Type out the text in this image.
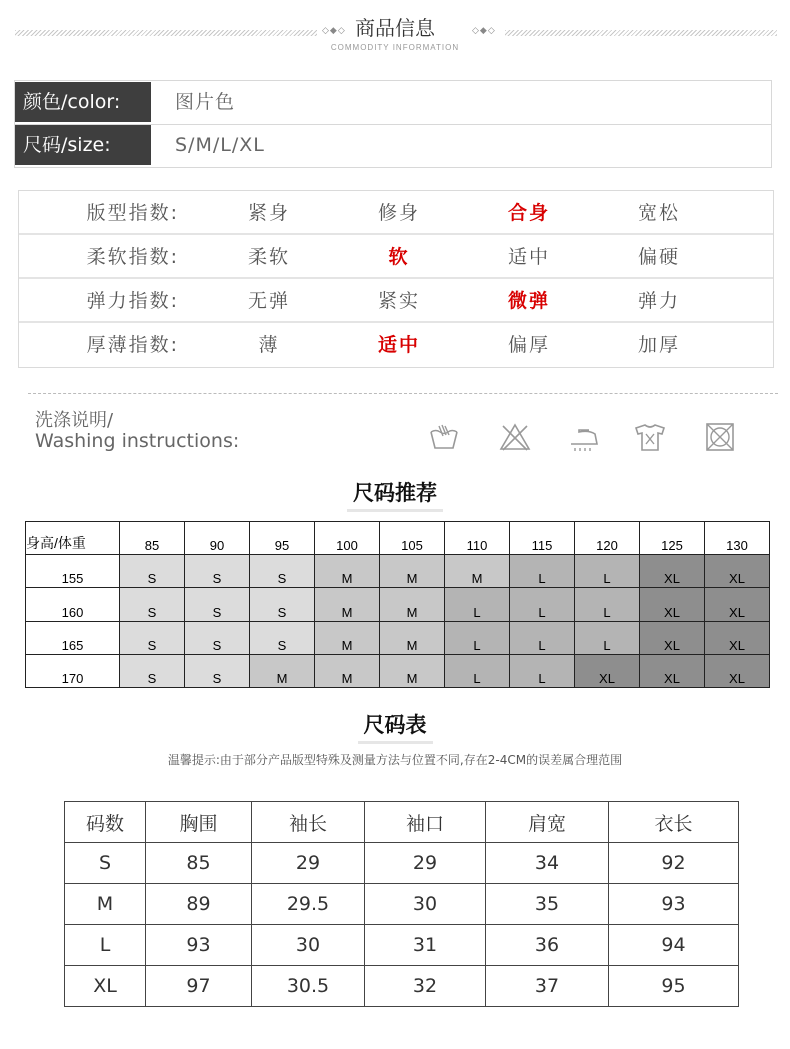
◇◆◇	◇◆◇
商品信息
COMMODITY INFORMATION
颜色/color:	图片色
尺码/size:	S/M/L/XL
版型指数:	紧身	修身	合身	宽松
柔软指数:	柔软	软	适中	偏硬
弹力指数:	无弹	紧实	微弹	弹力
厚薄指数:	薄	适中	偏厚	加厚
洗涤说明/
Washing instructions:
尺码推荐
身高/体重	85	90	95	100	105	110	115	120	125	130

155	S	S	S	M	M	M	L	L	XL	XL

160	S	S	S	M	M	L	L	L	XL	XL

165	S	S	S	M	M	L	L	L	XL	XL

170	S	S	M	M	M	L	L	XL	XL	XL
尺码表
温馨提示:由于部分产品版型特殊及测量方法与位置不同,存在2-4CM的误差属合理范围
码数	胸围	袖长	袖口	肩宽	衣长
S	85	29	29	34	92
M	89	29.5	30	35	93
L	93	30	31	36	94
XL	97	30.5	32	37	95
